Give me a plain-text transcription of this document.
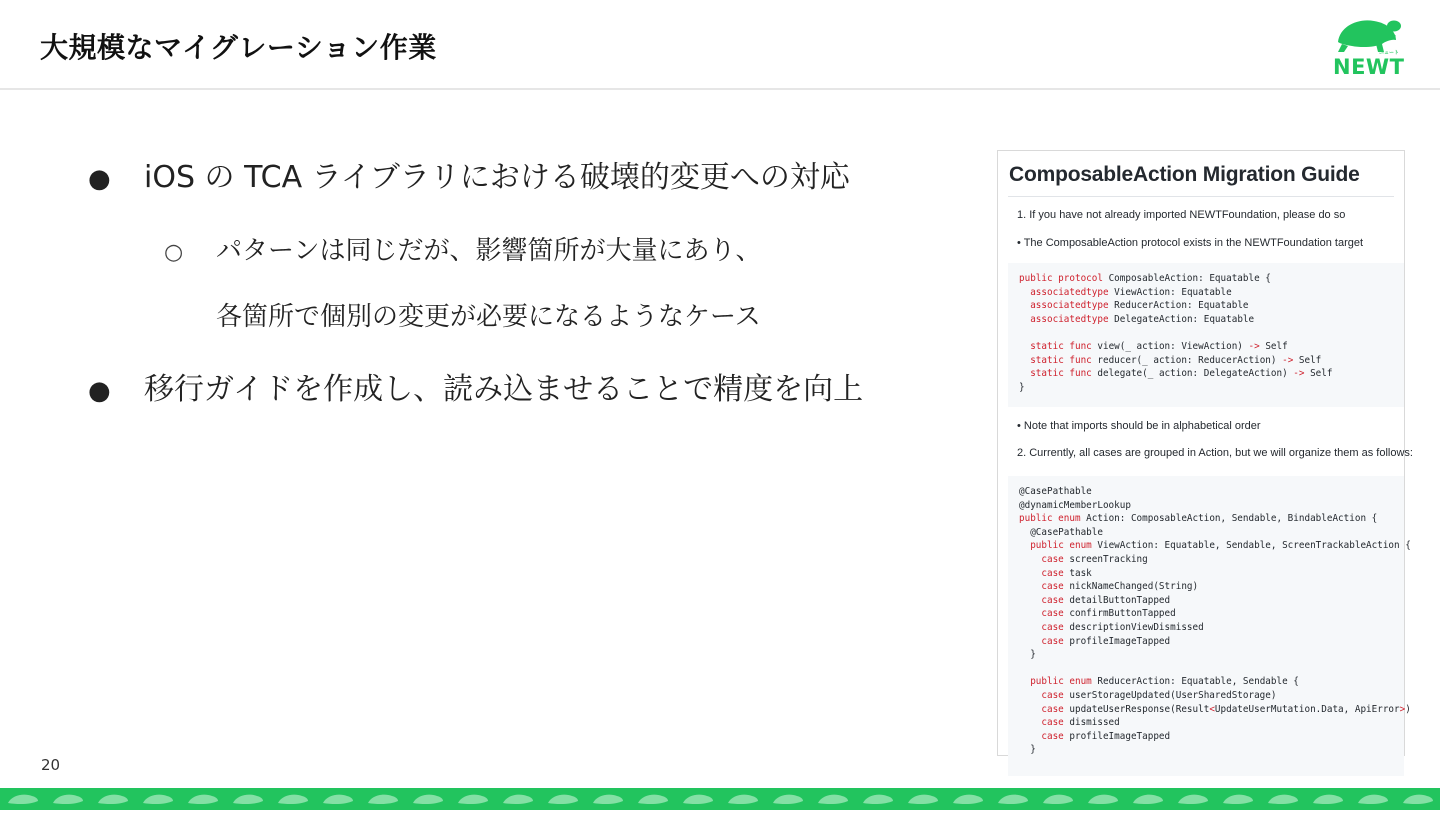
大規模なマイグレーション作業	ニュート
NEWT
● iOS の TCA ライブラリにおける破壊的変更への対応
○ パターンは同じだが、影響箇所が大量にあり、
各箇所で個別の変更が必要になるようなケース
● 移行ガイドを作成し、読み込ませることで精度を向上
ComposableAction Migration Guide
1. If you have not already imported NEWTFoundation, please do so
• The ComposableAction protocol exists in the NEWTFoundation target
public protocol ComposableAction: Equatable {
associatedtype ViewAction: Equatable
associatedtype ReducerAction: Equatable
associatedtype DelegateAction: Equatable
static func view(_ action: ViewAction) -> Self
static func reducer(_ action: ReducerAction) -> Self
static func delegate(_ action: DelegateAction) -> Self
}
• Note that imports should be in alphabetical order
2. Currently, all cases are grouped in Action, but we will organize them as follows:
@CasePathable
@dynamicMemberLookup
public enum Action: ComposableAction, Sendable, BindableAction {
@CasePathable
public enum ViewAction: Equatable, Sendable, ScreenTrackableAction {
case screenTracking
case task
case nickNameChanged(String)
case detailButtonTapped
case confirmButtonTapped
case descriptionViewDismissed
case profileImageTapped
}
public enum ReducerAction: Equatable, Sendable {
case userStorageUpdated(UserSharedStorage)
case updateUserResponse(Result<UpdateUserMutation.Data, ApiError>)
case dismissed
case profileImageTapped
}
20
